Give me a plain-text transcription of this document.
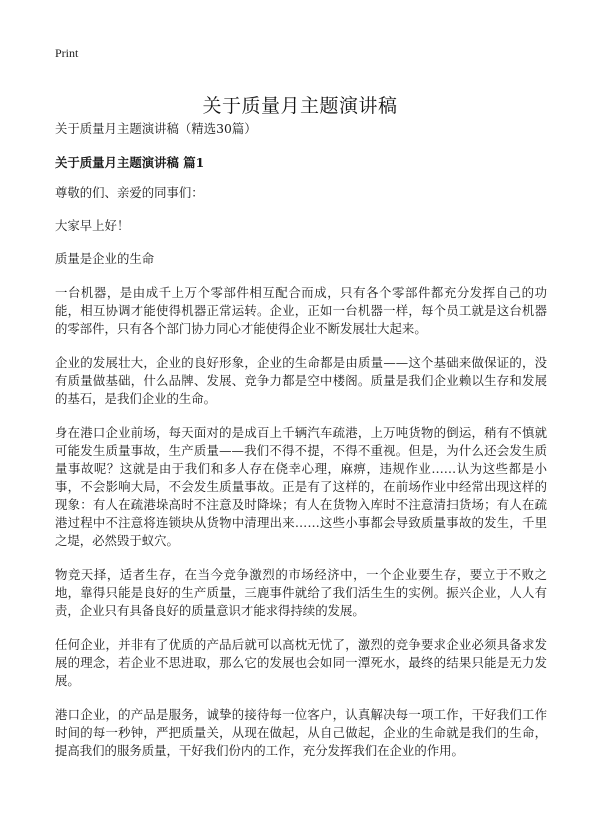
Print
关于质量月主题演讲稿

关于质量月主题演讲稿（精选30篇）

关于质量月主题演讲稿 篇1

尊敬的们、亲爱的同事们：

大家早上好！

质量是企业的生命

一台机器，是由成千上万个零部件相互配合而成，只有各个零部件都充分发挥自己的功能，相互协调才能使得机器正常运转。企业，正如一台机器一样，每个员工就是这台机器的零部件，只有各个部门协力同心才能使得企业不断发展壮大起来。

企业的发展壮大，企业的良好形象，企业的生命都是由质量——这个基础来做保证的，没有质量做基础，什么品牌、发展、竞争力都是空中楼阁。质量是我们企业赖以生存和发展的基石，是我们企业的生命。

身在港口企业前场，每天面对的是成百上千辆汽车疏港，上万吨货物的倒运，稍有不慎就可能发生质量事故，生产质量——我们不得不提，不得不重视。但是，为什么还会发生质量事故呢？这就是由于我们和多人存在侥幸心理，麻痹，违规作业……认为这些都是小事，不会影响大局，不会发生质量事故。正是有了这样的，在前场作业中经常出现这样的现象：有人在疏港垛高时不注意及时降垛；有人在货物入库时不注意清扫货场；有人在疏港过程中不注意将连锁块从货物中清理出来……这些小事都会导致质量事故的发生，千里之堤，必然毁于蚁穴。

物竞天择，适者生存，在当今竞争激烈的市场经济中，一个企业要生存，要立于不败之地，靠得只能是良好的生产质量，三鹿事件就给了我们活生生的实例。振兴企业，人人有责，企业只有具备良好的质量意识才能求得持续的发展。

任何企业，并非有了优质的产品后就可以高枕无忧了，激烈的竞争要求企业必须具备求发展的理念，若企业不思进取，那么它的发展也会如同一潭死水，最终的结果只能是无力发展。

港口企业，的产品是服务，诚挚的接待每一位客户，认真解决每一项工作，干好我们工作时间的每一秒钟，严把质量关，从现在做起，从自己做起，企业的生命就是我们的生命，提高我们的服务质量，干好我们份内的工作，充分发挥我们在企业的作用。
